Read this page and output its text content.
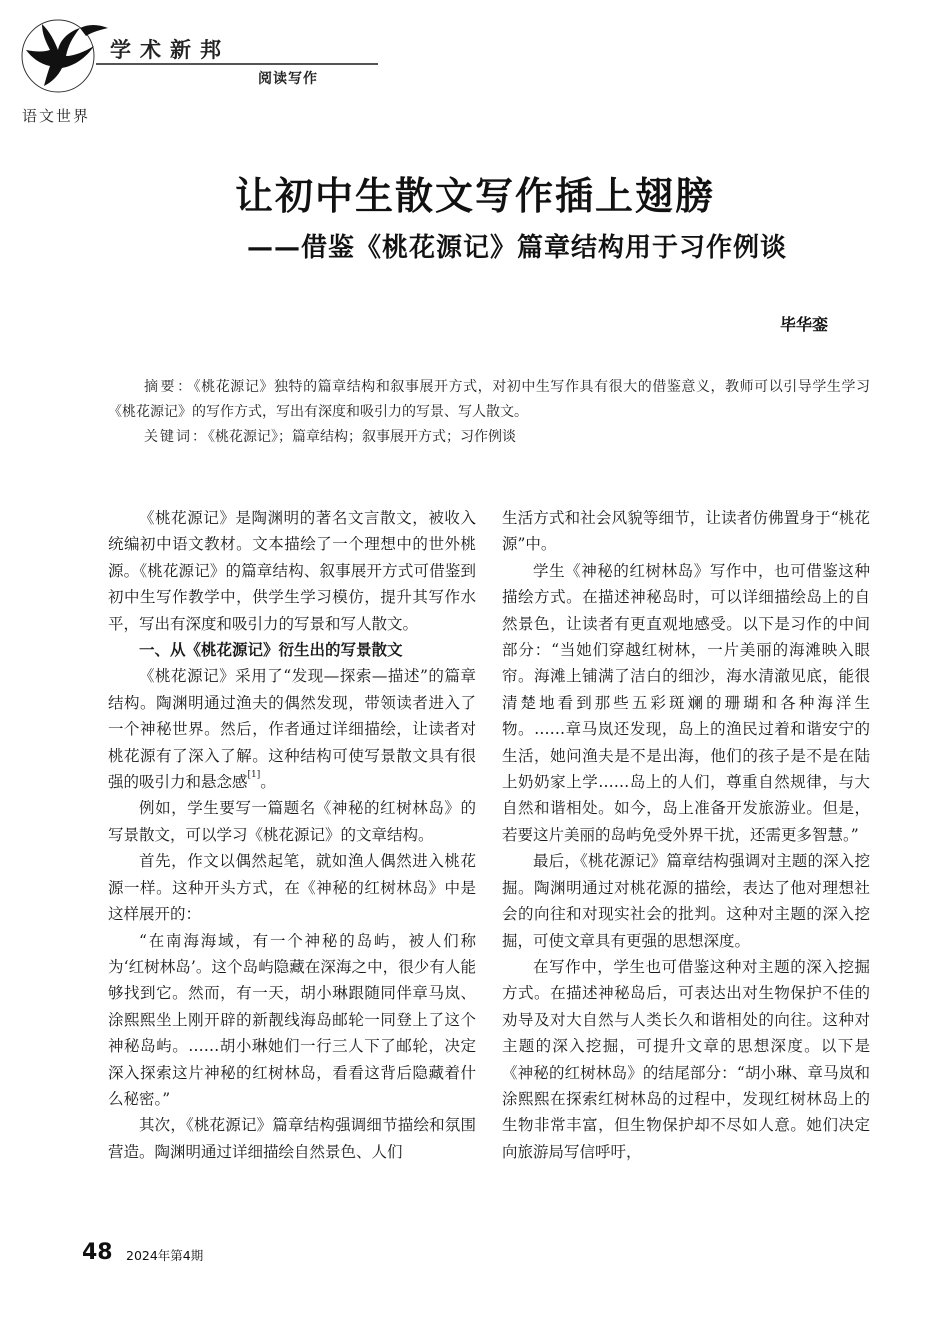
学术新邦
阅读写作
语文世界
让初中生散文写作插上翅膀
——借鉴《桃花源记》篇章结构用于习作例谈
毕华銮

摘要：《桃花源记》独特的篇章结构和叙事展开方式，对初中生写作具有很大的借鉴意义，教师可以引导学生学习《桃花源记》的写作方式，写出有深度和吸引力的写景、写人散文。

关键词：《桃花源记》；篇章结构；叙事展开方式；习作例谈

《桃花源记》是陶渊明的著名文言散文，被收入统编初中语文教材。文本描绘了一个理想中的世外桃源。《桃花源记》的篇章结构、叙事展开方式可借鉴到初中生写作教学中，供学生学习模仿，提升其写作水平，写出有深度和吸引力的写景和写人散文。

一、从《桃花源记》衍生出的写景散文

《桃花源记》采用了“发现—探索—描述”的篇章结构。陶渊明通过渔夫的偶然发现，带领读者进入了一个神秘世界。然后，作者通过详细描绘，让读者对桃花源有了深入了解。这种结构可使写景散文具有很强的吸引力和悬念感[1]。

例如，学生要写一篇题名《神秘的红树林岛》的写景散文，可以学习《桃花源记》的文章结构。

首先，作文以偶然起笔，就如渔人偶然进入桃花源一样。这种开头方式，在《神秘的红树林岛》中是这样展开的：

“在南海海域，有一个神秘的岛屿，被人们称为‘红树林岛’。这个岛屿隐藏在深海之中，很少有人能够找到它。然而，有一天，胡小琳跟随同伴章马岚、涂熙熙坐上刚开辟的新靓线海岛邮轮一同登上了这个神秘岛屿。……胡小琳她们一行三人下了邮轮，决定深入探索这片神秘的红树林岛，看看这背后隐藏着什么秘密。”

其次，《桃花源记》篇章结构强调细节描绘和氛围营造。陶渊明通过详细描绘自然景色、人们

生活方式和社会风貌等细节，让读者仿佛置身于“桃花源”中。

学生《神秘的红树林岛》写作中，也可借鉴这种描绘方式。在描述神秘岛时，可以详细描绘岛上的自然景色，让读者有更直观地感受。以下是习作的中间部分：“当她们穿越红树林，一片美丽的海滩映入眼帘。海滩上铺满了洁白的细沙，海水清澈见底，能很清楚地看到那些五彩斑斓的珊瑚和各种海洋生物。……章马岚还发现，岛上的渔民过着和谐安宁的生活，她问渔夫是不是出海，他们的孩子是不是在陆上奶奶家上学……岛上的人们，尊重自然规律，与大自然和谐相处。如今，岛上准备开发旅游业。但是，若要这片美丽的岛屿免受外界干扰，还需更多智慧。”

最后，《桃花源记》篇章结构强调对主题的深入挖掘。陶渊明通过对桃花源的描绘，表达了他对理想社会的向往和对现实社会的批判。这种对主题的深入挖掘，可使文章具有更强的思想深度。

在写作中，学生也可借鉴这种对主题的深入挖掘方式。在描述神秘岛后，可表达出对生物保护不佳的劝导及对大自然与人类长久和谐相处的向往。这种对主题的深入挖掘，可提升文章的思想深度。以下是《神秘的红树林岛》的结尾部分：“胡小琳、章马岚和涂熙熙在探索红树林岛的过程中，发现红树林岛上的生物非常丰富，但生物保护却不尽如人意。她们决定向旅游局写信呼吁，

48 2024年第4期
